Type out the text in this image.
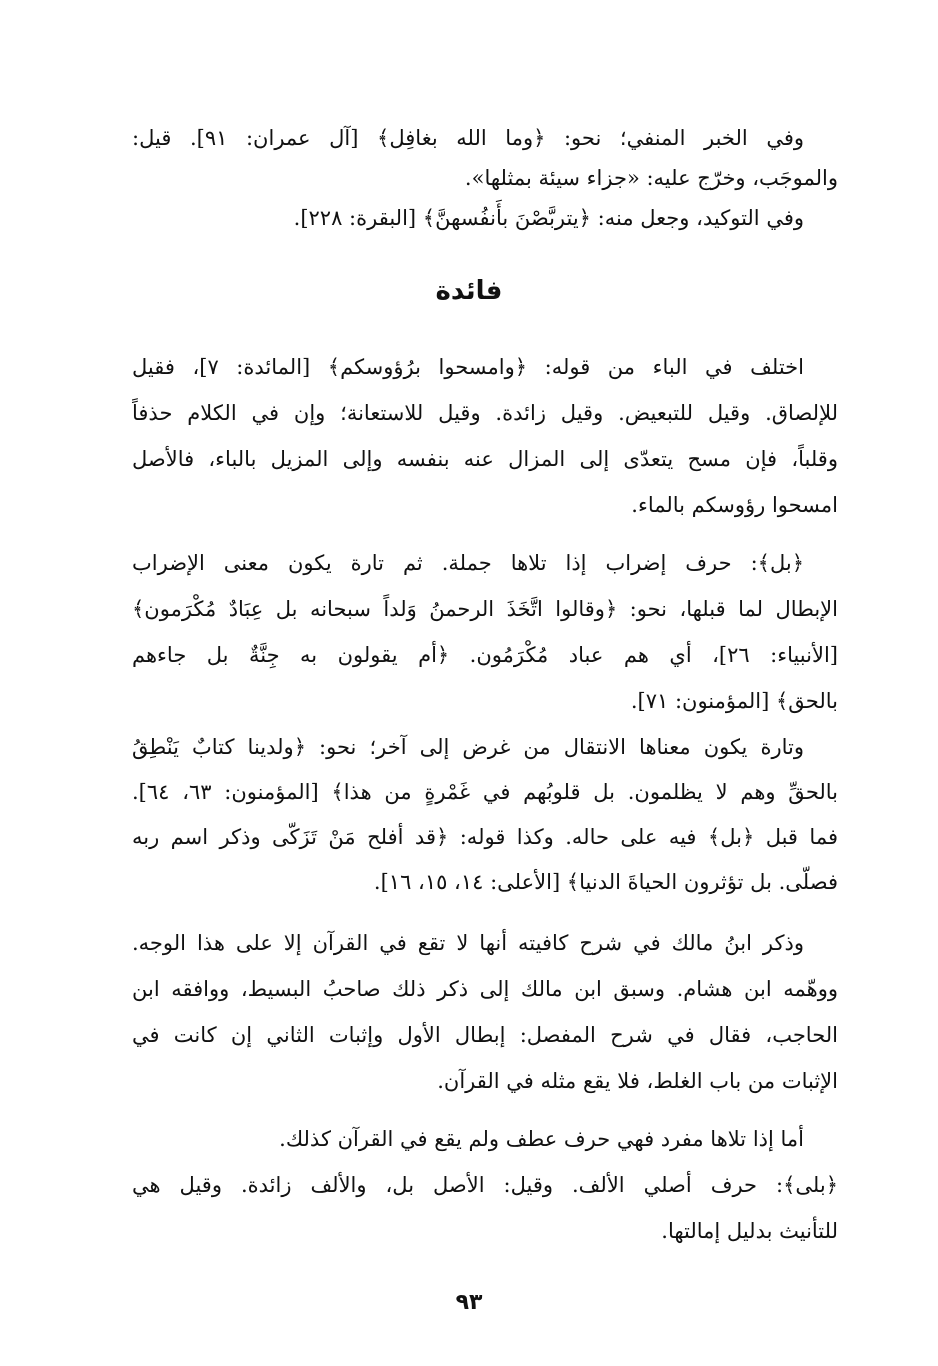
وفي الخبر المنفي؛ نحو: ﴿وما الله بغافِل﴾ [آل عمران: ٩١]. قيل:
والموجَب، وخرّج عليه: «جزاء سيئة بمثلها».
وفي التوكيد، وجعل منه: ﴿يتربَّصْنَ بأَنفُسهنَّ﴾ [البقرة: ٢٢٨].
فائدة
اختلف في الباء من قوله: ﴿وامسحوا برُؤوسكم﴾ [المائدة: ٧]، فقيل
للإلصاق. وقيل للتبعيض. وقيل زائدة. وقيل للاستعانة؛ وإن في الكلام حذفاً
وقلباً، فإن مسح يتعدّى إلى المزال عنه بنفسه وإلى المزيل بالباء، فالأصل
امسحوا رؤوسكم بالماء.
﴿بل﴾: حرف إضراب إذا تلاها جملة. ثم تارة يكون معنى الإضراب
الإبطال لما قبلها، نحو: ﴿وقالوا اتَّخَذَ الرحمنُ وَلداً سبحانه بل عِبَادٌ مُكْرَمون﴾
[الأنبياء: ٢٦]، أي هم عباد مُكْرَمُون. ﴿أم يقولون به جِنَّةٌ بل جاءهم
بالحق﴾ [المؤمنون: ٧١].
وتارة يكون معناها الانتقال من غرض إلى آخر؛ نحو: ﴿ولدينا كتابٌ يَنْطِقُ
بالحقِّ وهم لا يظلمون. بل قلوبُهم في غَمْرةٍ من هذا﴾ [المؤمنون: ٦٣، ٦٤].
فما قبل ﴿بل﴾ فيه على حاله. وكذا قوله: ﴿قد أفلح مَنْ تَزَكّى وذكر اسم ربه
فصلّى. بل تؤثرون الحياةَ الدنيا﴾ [الأعلى: ١٤، ١٥، ١٦].
وذكر ابنُ مالك في شرح كافيته أنها لا تقع في القرآن إلا على هذا الوجه.
ووهّمه ابن هشام. وسبق ابن مالك إلى ذكر ذلك صاحبُ البسيط، ووافقه ابن
الحاجب، فقال في شرح المفصل: إبطال الأول وإثبات الثاني إن كانت في
الإثبات من باب الغلط، فلا يقع مثله في القرآن.
أما إذا تلاها مفرد فهي حرف عطف ولم يقع في القرآن كذلك.
﴿بلى﴾: حرف أصلي الألف. وقيل: الأصل بل، والألف زائدة. وقيل هي
للتأنيث بدليل إمالتها.
٩٣
